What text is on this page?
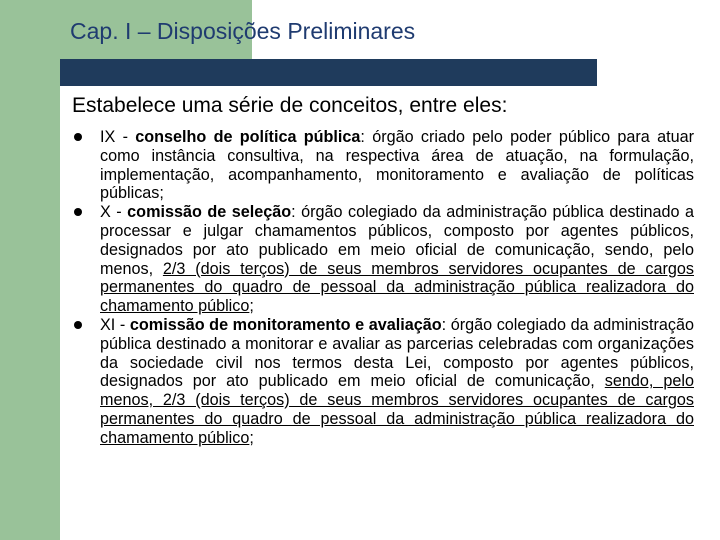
Cap. I – Disposições Preliminares
Estabelece uma série de conceitos, entre eles:
IX - conselho de política pública: órgão criado pelo poder público para atuar como instância consultiva, na respectiva área de atuação, na formulação, implementação, acompanhamento, monitoramento e avaliação de políticas públicas;
X - comissão de seleção: órgão colegiado da administração pública destinado a processar e julgar chamamentos públicos, composto por agentes públicos, designados por ato publicado em meio oficial de comunicação, sendo, pelo menos, 2/3 (dois terços) de seus membros servidores ocupantes de cargos permanentes do quadro de pessoal da administração pública realizadora do chamamento público;
XI - comissão de monitoramento e avaliação: órgão colegiado da administração pública destinado a monitorar e avaliar as parcerias celebradas com organizações da sociedade civil nos termos desta Lei, composto por agentes públicos, designados por ato publicado em meio oficial de comunicação, sendo, pelo menos, 2/3 (dois terços) de seus membros servidores ocupantes de cargos permanentes do quadro de pessoal da administração pública realizadora do chamamento público;
